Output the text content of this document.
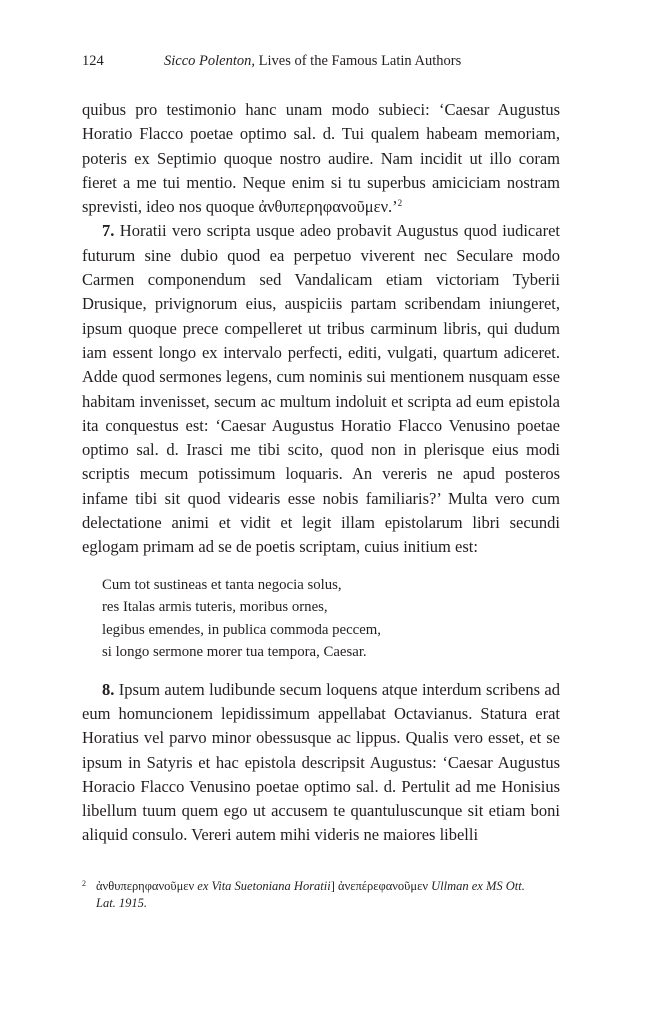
124	Sicco Polenton, Lives of the Famous Latin Authors

quibus pro testimonio hanc unam modo subieci: ‘Caesar Augustus Horatio Flacco poetae optimo sal. d. Tui qualem habeam memoriam, poteris ex Septimio quoque nostro audire. Nam incidit ut illo coram fieret a me tui mentio. Neque enim si tu superbus amiciciam nostram sprevisti, ideo nos quoque ἀνθυπερηφανοῦμεν.’$^2$

7. Horatii vero scripta usque adeo probavit Augustus quod iudicaret futurum sine dubio quod ea perpetuo viverent nec Seculare modo Carmen componendum sed Vandalicam etiam victoriam Tyberii Drusique, privignorum eius, auspiciis partam scribendam iniungeret, ipsum quoque prece compelleret ut tribus carminum libris, qui dudum iam essent longo ex intervalo perfecti, editi, vulgati, quartum adiceret. Adde quod sermones legens, cum nominis sui mentionem nusquam esse habitam invenisset, secum ac multum indoluit et scripta ad eum epistola ita conquestus est: ‘Caesar Augustus Horatio Flacco Venusino poetae optimo sal. d. Irasci me tibi scito, quod non in plerisque eius modi scriptis mecum potissimum loquaris. An vereris ne apud posteros infame tibi sit quod videaris esse nobis familiaris?’ Multa vero cum delectatione animi et vidit et legit illam epistolarum libri secundi eglogam primam ad se de poetis scriptam, cuius initium est:

Cum tot sustineas et tanta negocia solus,
res Italas armis tuteris, moribus ornes,
legibus emendes, in publica commoda peccem,
si longo sermone morer tua tempora, Caesar.

8. Ipsum autem ludibunde secum loquens atque interdum scribens ad eum homuncionem lepidissimum appellabat Octavianus. Statura erat Horatius vel parvo minor obessusque ac lippus. Qualis vero esset, et se ipsum in Satyris et hac epistola descripsit Augustus: ‘Caesar Augustus Horacio Flacco Venusino poetae optimo sal. d. Pertulit ad me Honisius libellum tuum quem ego ut accusem te quantuluscunque sit etiam boni aliquid consulo. Vereri autem mihi videris ne maiores libelli

2 ἀνθυπερηφανοῦμεν ex Vita Suetoniana Horatii] ἀνεπέρεφανοῦμεν Ullman ex MS Ott.
Lat. 1915.
